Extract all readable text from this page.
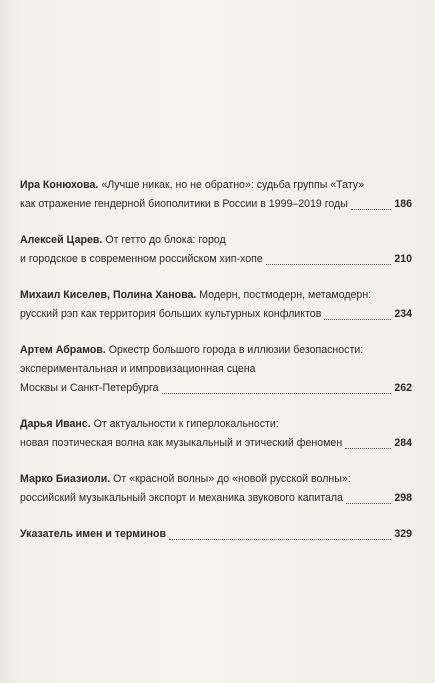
Ира Конюхова. «Лучше никак, но не обратно»: судьба группы «Тату»
как отражение гендерной биополитики в России в 1999–2019 годы	186
Алексей Царев. От гетто до блока: город
и городское в современном российском хип-хопе	210
Михаил Киселев, Полина Ханова. Модерн, постмодерн, метамодерн:
русский рэп как территория больших культурных конфликтов	234
Артем Абрамов. Оркестр большого города в иллюзии безопасности:
экспериментальная и импровизационная сцена
Москвы и Санкт-Петербурга	262
Дарья Иванс. От актуальности к гиперлокальности:
новая поэтическая волна как музыкальный и этический феномен	284
Марко Биазиоли. От «красной волны» до «новой русской волны»:
российский музыкальный экспорт и механика звукового капитала	298
Указатель имен и терминов	329
